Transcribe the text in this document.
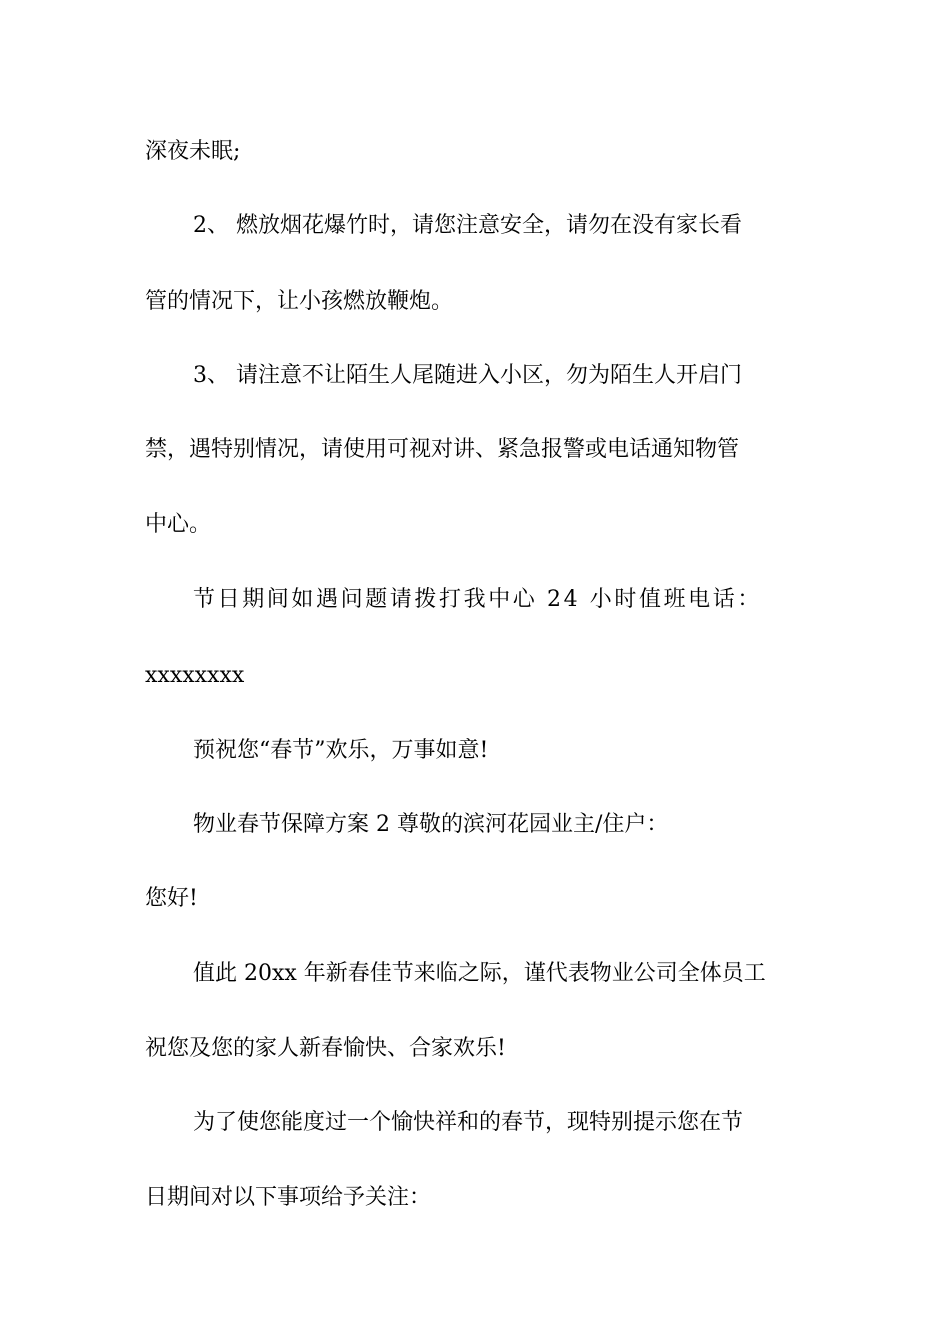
深夜未眠;
2、 燃放烟花爆竹时，请您注意安全，请勿在没有家长看
管的情况下，让小孩燃放鞭炮。
3、 请注意不让陌生人尾随进入小区，勿为陌生人开启门
禁，遇特别情况，请使用可视对讲、紧急报警或电话通知物管
中心。
节日期间如遇问题请拨打我中心 24 小时值班电话：
xxxxxxxx
预祝您“春节”欢乐，万事如意!
物业春节保障方案 2 尊敬的滨河花园业主/住户：
您好!
值此 20xx 年新春佳节来临之际，谨代表物业公司全体员工
祝您及您的家人新春愉快、合家欢乐!
为了使您能度过一个愉快祥和的春节，现特别提示您在节
日期间对以下事项给予关注：
